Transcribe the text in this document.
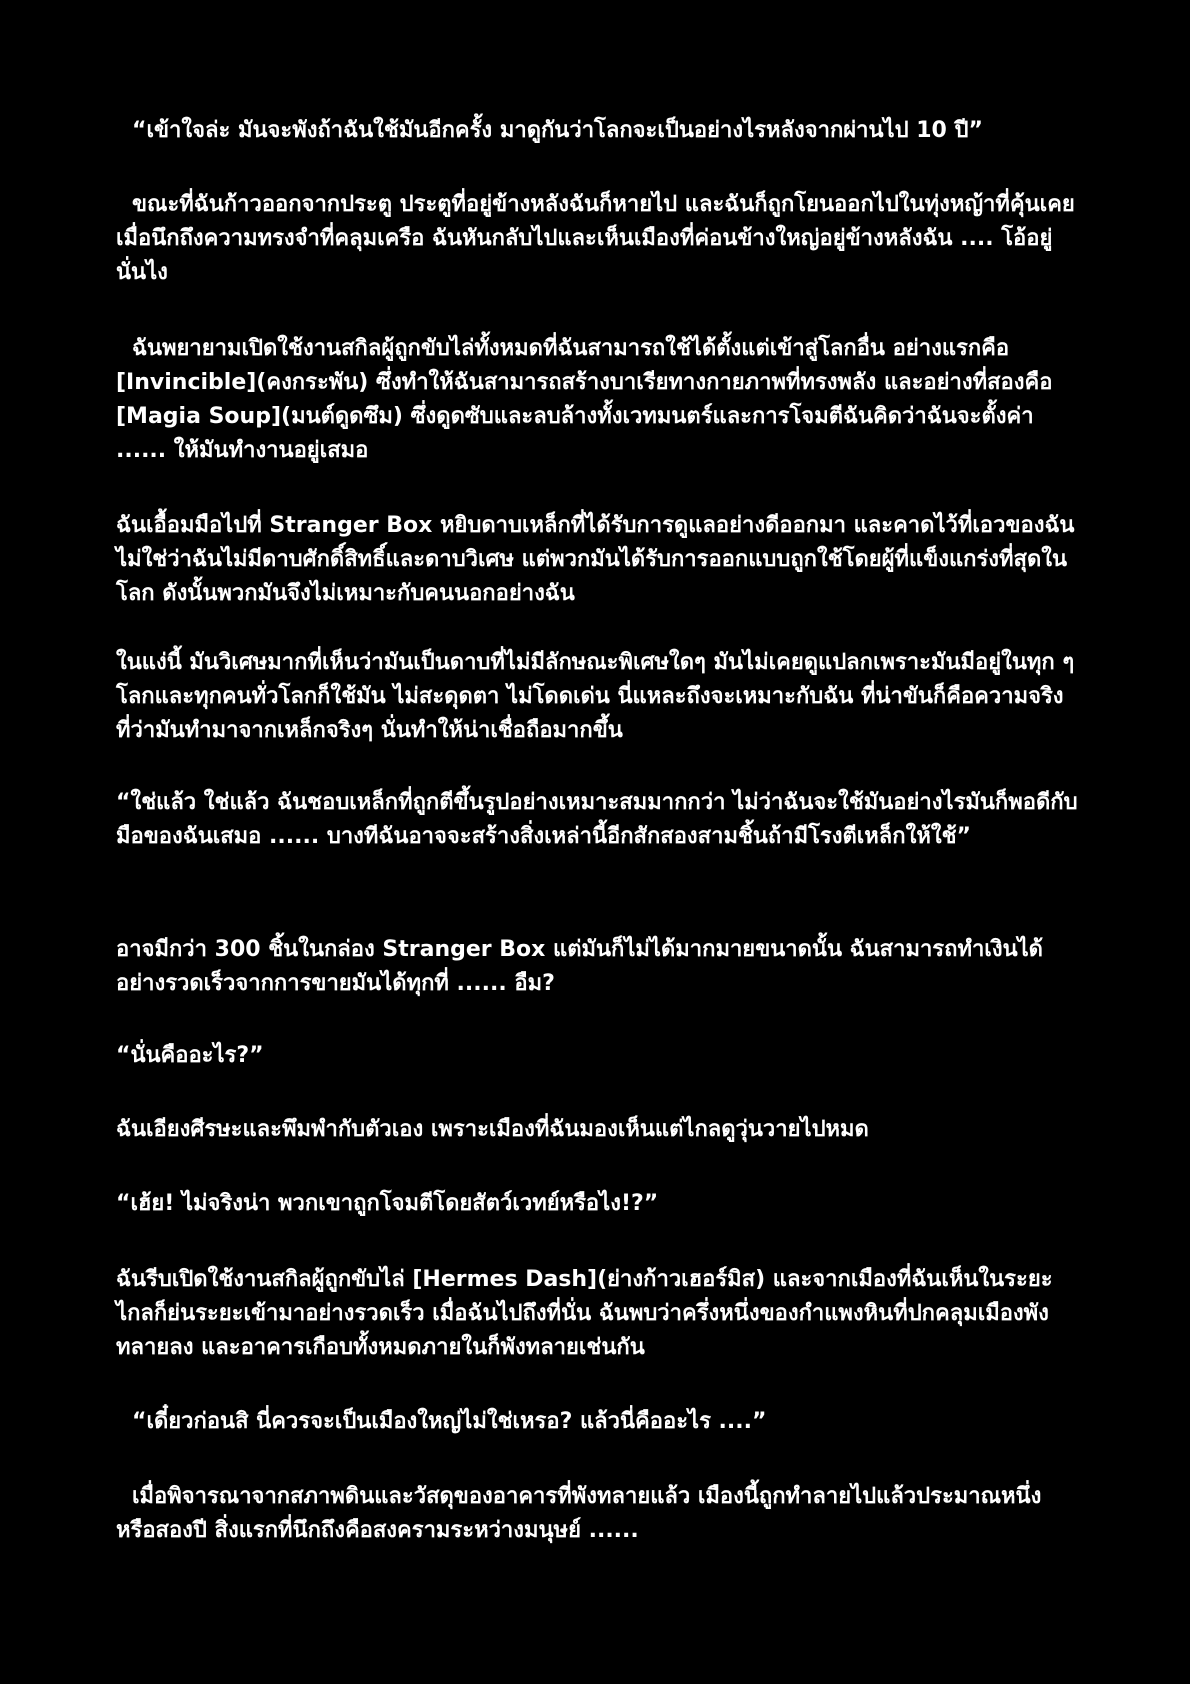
“เข้าใจล่ะ มันจะพังถ้าฉันใช้มันอีกครั้ง มาดูกันว่าโลกจะเป็นอย่างไรหลังจากผ่านไป 10 ปี”

ขณะที่ฉันก้าวออกจากประตู ประตูที่อยู่ข้างหลังฉันก็หายไป และฉันก็ถูกโยนออกไปในทุ่งหญ้าที่คุ้นเคย เมื่อนึกถึงความทรงจำที่คลุมเครือ ฉันหันกลับไปและเห็นเมืองที่ค่อนข้างใหญ่อยู่ข้างหลังฉัน .... โอ้อยู่นั่นไง

ฉันพยายามเปิดใช้งานสกิลผู้ถูกขับไล่ทั้งหมดที่ฉันสามารถใช้ได้ตั้งแต่เข้าสู่โลกอื่น อย่างแรกคือ [Invincible](คงกระพัน) ซึ่งทำให้ฉันสามารถสร้างบาเรียทางกายภาพที่ทรงพลัง และอย่างที่สองคือ [Magia Soup](มนต์ดูดซึม) ซึ่งดูดซับและลบล้างทั้งเวทมนตร์และการโจมตีฉันคิดว่าฉันจะตั้งค่า ...... ให้มันทำงานอยู่เสมอ

ฉันเอื้อมมือไปที่ Stranger Box หยิบดาบเหล็กที่ได้รับการดูแลอย่างดีออกมา และคาดไว้ที่เอวของฉัน ไม่ใช่ว่าฉันไม่มีดาบศักดิ์สิทธิ์และดาบวิเศษ แต่พวกมันได้รับการออกแบบถูกใช้โดยผู้ที่แข็งแกร่งที่สุดในโลก ดังนั้นพวกมันจึงไม่เหมาะกับคนนอกอย่างฉัน

ในแง่นี้ มันวิเศษมากที่เห็นว่ามันเป็นดาบที่ไม่มีลักษณะพิเศษใดๆ มันไม่เคยดูแปลกเพราะมันมีอยู่ในทุก ๆ โลกและทุกคนทั่วโลกก็ใช้มัน ไม่สะดุดตา ไม่โดดเด่น นี่แหละถึงจะเหมาะกับฉัน ที่น่าขันก็คือความจริงที่ว่ามันทำมาจากเหล็กจริงๆ นั่นทำให้น่าเชื่อถือมากขึ้น

“ใช่แล้ว ใช่แล้ว ฉันชอบเหล็กที่ถูกตีขึ้นรูปอย่างเหมาะสมมากกว่า ไม่ว่าฉันจะใช้มันอย่างไรมันก็พอดีกับมือของฉันเสมอ ...... บางทีฉันอาจจะสร้างสิ่งเหล่านี้อีกสักสองสามชิ้นถ้ามีโรงตีเหล็กให้ใช้”

อาจมีกว่า 300 ชิ้นในกล่อง Stranger Box แต่มันก็ไม่ได้มากมายขนาดนั้น ฉันสามารถทำเงินได้อย่างรวดเร็วจากการขายมันได้ทุกที่ ...... อืม?

“นั่นคืออะไร?”

ฉันเอียงศีรษะและพึมพำกับตัวเอง เพราะเมืองที่ฉันมองเห็นแต่ไกลดูวุ่นวายไปหมด

“เฮ้ย! ไม่จริงน่า พวกเขาถูกโจมตีโดยสัตว์เวทย์หรือไง!?”

ฉันรีบเปิดใช้งานสกิลผู้ถูกขับไล่ [Hermes Dash](ย่างก้าวเฮอร์มิส) และจากเมืองที่ฉันเห็นในระยะไกลก็ย่นระยะเข้ามาอย่างรวดเร็ว เมื่อฉันไปถึงที่นั่น ฉันพบว่าครึ่งหนึ่งของกำแพงหินที่ปกคลุมเมืองพังทลายลง และอาคารเกือบทั้งหมดภายในก็พังทลายเช่นกัน

“เดี๋ยวก่อนสิ นี่ควรจะเป็นเมืองใหญ่ไม่ใช่เหรอ? แล้วนี่คืออะไร ....”

เมื่อพิจารณาจากสภาพดินและวัสดุของอาคารที่พังทลายแล้ว เมืองนี้ถูกทำลายไปแล้วประมาณหนึ่งหรือสองปี สิ่งแรกที่นึกถึงคือสงครามระหว่างมนุษย์ ......
